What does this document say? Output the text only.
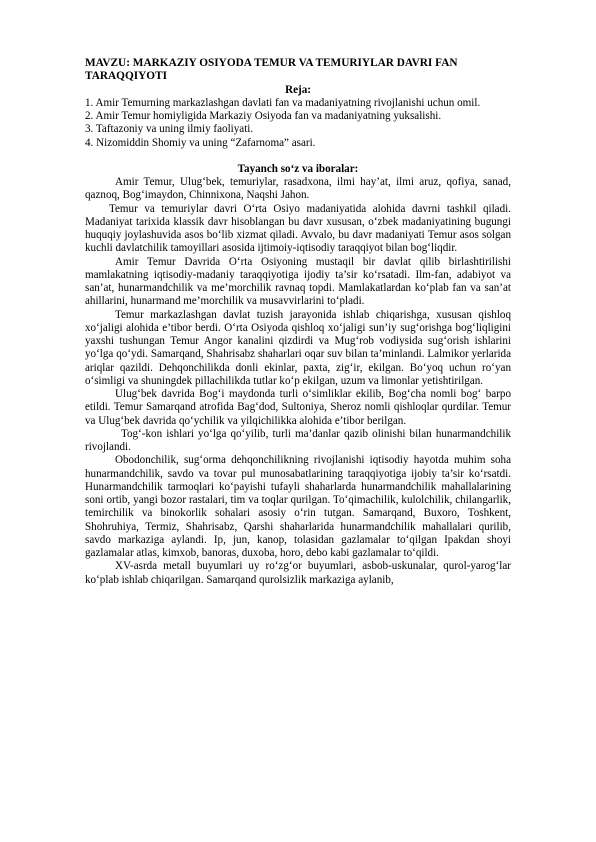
MAVZU: MARKAZIY OSIYODA TEMUR VA TEMURIYLAR DAVRI FAN TARAQQIYOTI

Reja:

1. Amir Temurning markazlashgan davlati fan va madaniyatning rivojlanishi uchun omil.

2. Amir Temur homiyligida Markaziy Osiyoda fan va madaniyatning yuksalishi.

3. Taftazoniy va uning ilmiy faoliyati.

4. Nizomiddin Shomiy va uning “Zafarnoma” asari.

Tayanch so‘z va iboralar:

Amir Temur, Ulug‘bek, temuriylar, rasadxona, ilmi hay’at, ilmi aruz, qofiya, sanad, qaznoq, Bog‘imaydon, Chinnixona, Naqshi Jahon.

Temur va temuriylar davri O‘rta Osiyo madaniyatida alohida davrni tashkil qiladi. Madaniyat tarixida klassik davr hisoblangan bu davr xususan, o‘zbek madaniyatining bugungi huquqiy joylashuvida asos bo‘lib xizmat qiladi. Avvalo, bu davr madaniyati Temur asos solgan kuchli davlatchilik tamoyillari asosida ijtimoiy-iqtisodiy taraqqiyot bilan bog‘liqdir.

Amir Temur Davrida O‘rta Osiyoning mustaqil bir davlat qilib birlashtirilishi mamlakatning iqtisodiy-madaniy taraqqiyotiga ijodiy ta’sir ko‘rsatadi. Ilm-fan, adabiyot va san’at, hunarmandchilik va me’morchilik ravnaq topdi. Mamlakatlardan ko‘plab fan va san’at ahillarini, hunarmand me’morchilik va musavvirlarini to‘pladi.

Temur markazlashgan davlat tuzish jarayonida ishlab chiqarishga, xususan qishloq xo‘jaligi alohida e’tibor berdi. O‘rta Osiyoda qishloq xo‘jaligi sun’iy sug‘orishga bog‘liqligini yaxshi tushungan Temur Angor kanalini qizdirdi va Mug‘rob vodiysida sug‘orish ishlarini yo‘lga qo‘ydi. Samarqand, Shahrisabz shaharlari oqar suv bilan ta’minlandi. Lalmikor yerlarida ariqlar qazildi. Dehqonchilikda donli ekinlar, paxta, zig‘ir, ekilgan. Bo‘yoq uchun ro‘yan o‘simligi va shuningdek pillachilikda tutlar ko‘p ekilgan, uzum va limonlar yetishtirilgan.

Ulug‘bek davrida Bog‘i maydonda turli o‘simliklar ekilib, Bog‘cha nomli bog‘ barpo etildi. Temur Samarqand atrofida Bag‘dod, Sultoniya, Sheroz nomli qishloqlar qurdilar. Temur va Ulug‘bek davrida qo‘ychilik va yilqichilikka alohida e’tibor berilgan.

Tog‘-kon ishlari yo‘lga qo‘yilib, turli ma’danlar qazib olinishi bilan hunarmandchilik rivojlandi.

Obodonchilik, sug‘orma dehqonchilikning rivojlanishi iqtisodiy hayotda muhim soha hunarmandchilik, savdo va tovar pul munosabatlarining taraqqiyotiga ijobiy ta’sir ko‘rsatdi. Hunarmandchilik tarmoqlari ko‘payishi tufayli shaharlarda hunarmandchilik mahallalarining soni ortib, yangi bozor rastalari, tim va toqlar qurilgan. To‘qimachilik, kulolchilik, chilangarlik, temirchilik va binokorlik sohalari asosiy o‘rin tutgan. Samarqand, Buxoro, Toshkent, Shohruhiya, Termiz, Shahrisabz, Qarshi shaharlarida hunarmandchilik mahallalari qurilib, savdo markaziga aylandi. Ip, jun, kanop, tolasidan gazlamalar to‘qilgan Ipakdan shoyi gazlamalar atlas, kimxob, banoras, duxoba, horo, debo kabi gazlamalar to‘qildi.

XV-asrda metall buyumlari uy ro‘zg‘or buyumlari, asbob-uskunalar, qurol-yarog‘lar ko‘plab ishlab chiqarilgan. Samarqand qurolsizlik markaziga aylanib,
